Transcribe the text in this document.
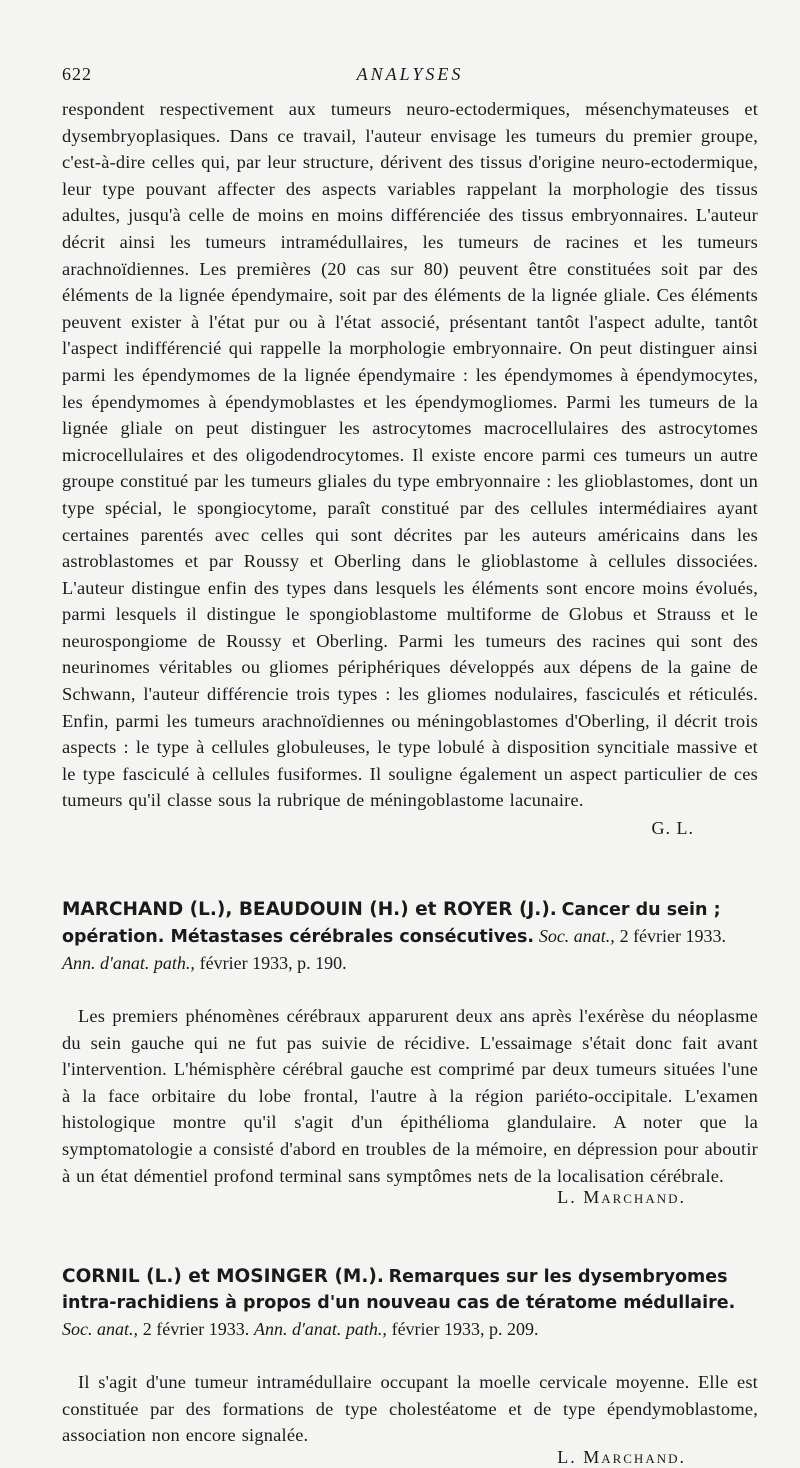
622	ANALYSES

respondent respectivement aux tumeurs neuro-ectodermiques, mésenchymateuses et dysembryoplasiques. Dans ce travail, l'auteur envisage les tumeurs du premier groupe, c'est-à-dire celles qui, par leur structure, dérivent des tissus d'origine neuro-ectodermique, leur type pouvant affecter des aspects variables rappelant la morphologie des tissus adultes, jusqu'à celle de moins en moins différenciée des tissus embryonnaires. L'auteur décrit ainsi les tumeurs intramédullaires, les tumeurs de racines et les tumeurs arachnoïdiennes. Les premières (20 cas sur 80) peuvent être constituées soit par des éléments de la lignée épendymaire, soit par des éléments de la lignée gliale. Ces éléments peuvent exister à l'état pur ou à l'état associé, présentant tantôt l'aspect adulte, tantôt l'aspect indifférencié qui rappelle la morphologie embryonnaire. On peut distinguer ainsi parmi les épendymomes de la lignée épendymaire : les épendymomes à épendymocytes, les épendymomes à épendymoblastes et les épendymogliomes. Parmi les tumeurs de la lignée gliale on peut distinguer les astrocytomes macrocellulaires des astrocytomes microcellulaires et des oligodendrocytomes. Il existe encore parmi ces tumeurs un autre groupe constitué par les tumeurs gliales du type embryonnaire : les glioblastomes, dont un type spécial, le spongiocytome, paraît constitué par des cellules intermédiaires ayant certaines parentés avec celles qui sont décrites par les auteurs américains dans les astroblastomes et par Roussy et Oberling dans le glioblastome à cellules dissociées. L'auteur distingue enfin des types dans lesquels les éléments sont encore moins évolués, parmi lesquels il distingue le spongioblastome multiforme de Globus et Strauss et le neurospongiome de Roussy et Oberling. Parmi les tumeurs des racines qui sont des neurinomes véritables ou gliomes périphériques développés aux dépens de la gaine de Schwann, l'auteur différencie trois types : les gliomes nodulaires, fasciculés et réticulés. Enfin, parmi les tumeurs arachnoïdiennes ou méningoblastomes d'Oberling, il décrit trois aspects : le type à cellules globuleuses, le type lobulé à disposition syncitiale massive et le type fasciculé à cellules fusiformes. Il souligne également un aspect particulier de ces tumeurs qu'il classe sous la rubrique de méningoblastome lacunaire.

G. L.

MARCHAND (L.), BEAUDOUIN (H.) et ROYER (J.). Cancer du sein ; opération. Métastases cérébrales consécutives. Soc. anat., 2 février 1933. Ann. d'anat. path., février 1933, p. 190.

Les premiers phénomènes cérébraux apparurent deux ans après l'exérèse du néoplasme du sein gauche qui ne fut pas suivie de récidive. L'essaimage s'était donc fait avant l'intervention. L'hémisphère cérébral gauche est comprimé par deux tumeurs situées l'une à la face orbitaire du lobe frontal, l'autre à la région pariéto-occipitale. L'examen histologique montre qu'il s'agit d'un épithélioma glandulaire. A noter que la symptomatologie a consisté d'abord en troubles de la mémoire, en dépression pour aboutir à un état démentiel profond terminal sans symptômes nets de la localisation cérébrale.

L. Marchand.

CORNIL (L.) et MOSINGER (M.). Remarques sur les dysembryomes intra-rachidiens à propos d'un nouveau cas de tératome médullaire. Soc. anat., 2 février 1933. Ann. d'anat. path., février 1933, p. 209.

Il s'agit d'une tumeur intramédullaire occupant la moelle cervicale moyenne. Elle est constituée par des formations de type cholestéatome et de type épendymoblastome, association non encore signalée.

L. Marchand.
